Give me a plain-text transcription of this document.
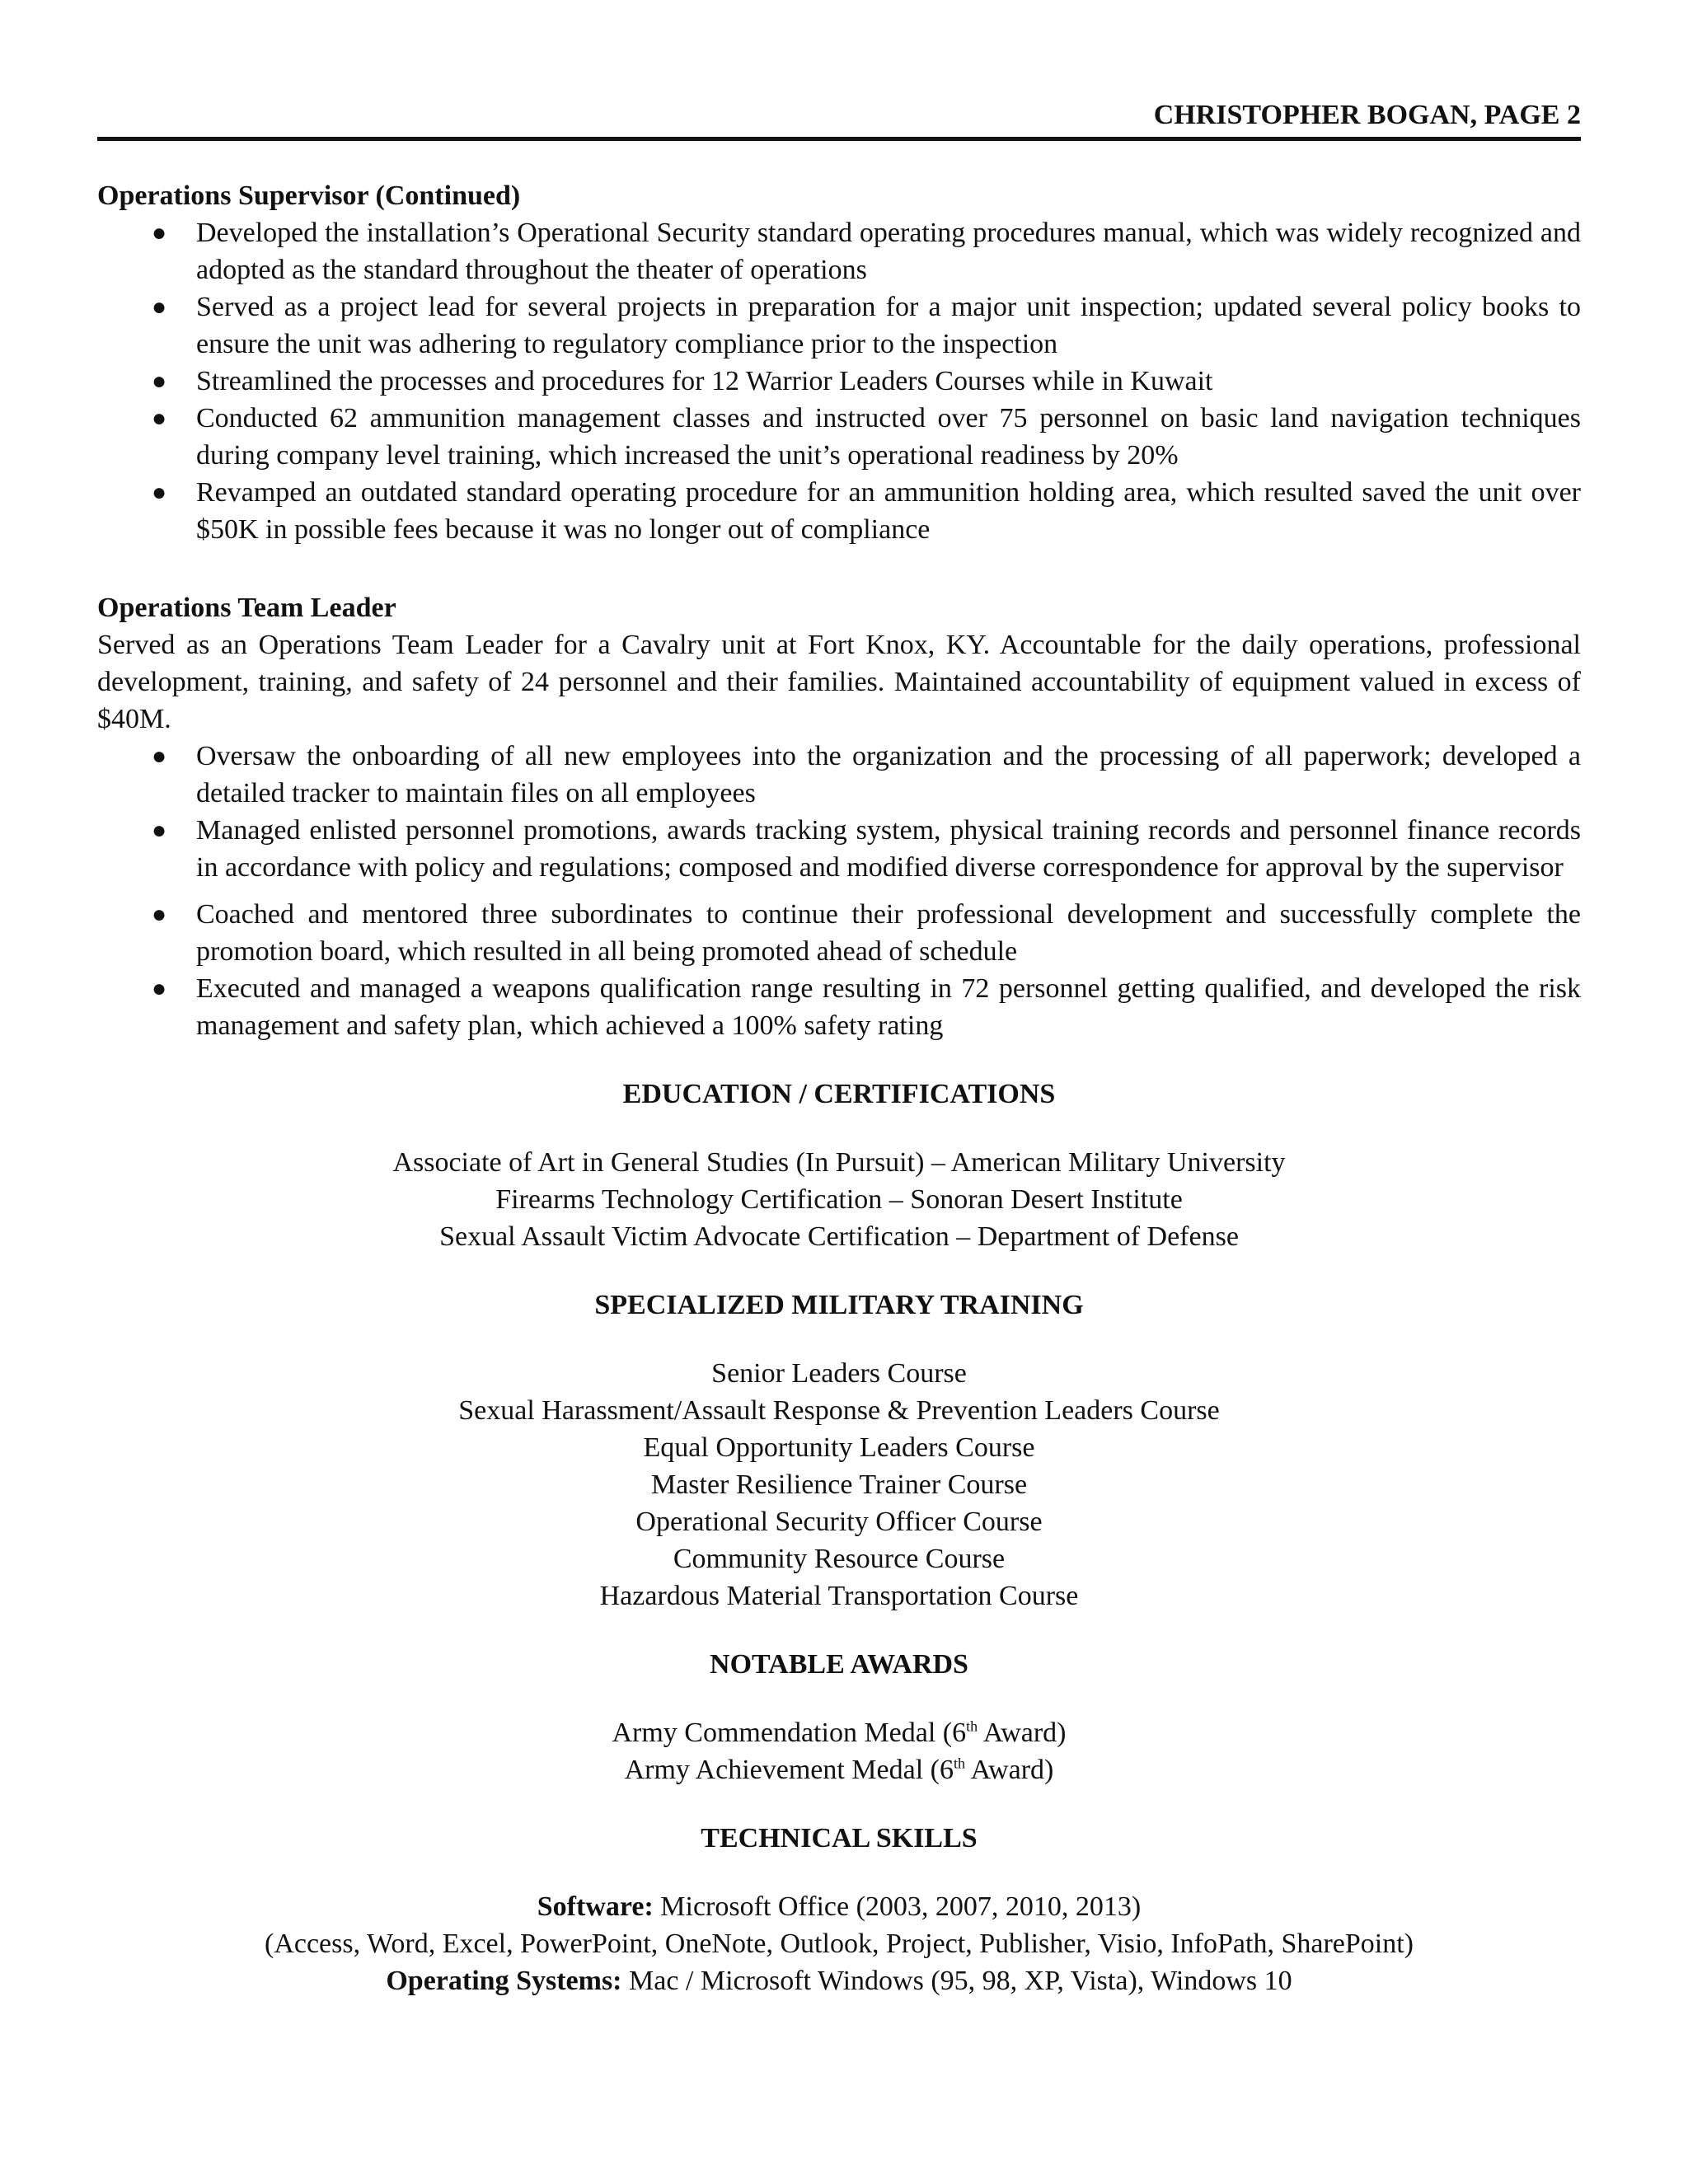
CHRISTOPHER BOGAN, PAGE 2

Operations Supervisor (Continued)

● Developed the installation’s Operational Security standard operating procedures manual, which was widely recognized and adopted as the standard throughout the theater of operations
● Served as a project lead for several projects in preparation for a major unit inspection; updated several policy books to ensure the unit was adhering to regulatory compliance prior to the inspection
● Streamlined the processes and procedures for 12 Warrior Leaders Courses while in Kuwait
● Conducted 62 ammunition management classes and instructed over 75 personnel on basic land navigation techniques during company level training, which increased the unit’s operational readiness by 20%
● Revamped an outdated standard operating procedure for an ammunition holding area, which resulted saved the unit over $50K in possible fees because it was no longer out of compliance

Operations Team Leader

Served as an Operations Team Leader for a Cavalry unit at Fort Knox, KY. Accountable for the daily operations, professional development, training, and safety of 24 personnel and their families. Maintained accountability of equipment valued in excess of $40M.

● Oversaw the onboarding of all new employees into the organization and the processing of all paperwork; developed a detailed tracker to maintain files on all employees
● Managed enlisted personnel promotions, awards tracking system, physical training records and personnel finance records in accordance with policy and regulations; composed and modified diverse correspondence for approval by the supervisor
● Coached and mentored three subordinates to continue their professional development and successfully complete the promotion board, which resulted in all being promoted ahead of schedule
● Executed and managed a weapons qualification range resulting in 72 personnel getting qualified, and developed the risk management and safety plan, which achieved a 100% safety rating

EDUCATION / CERTIFICATIONS

Associate of Art in General Studies (In Pursuit) – American Military University
Firearms Technology Certification – Sonoran Desert Institute
Sexual Assault Victim Advocate Certification – Department of Defense

SPECIALIZED MILITARY TRAINING

Senior Leaders Course
Sexual Harassment/Assault Response & Prevention Leaders Course
Equal Opportunity Leaders Course
Master Resilience Trainer Course
Operational Security Officer Course
Community Resource Course
Hazardous Material Transportation Course

NOTABLE AWARDS

Army Commendation Medal (6th Award)
Army Achievement Medal (6th Award)

TECHNICAL SKILLS

Software: Microsoft Office (2003, 2007, 2010, 2013)
(Access, Word, Excel, PowerPoint, OneNote, Outlook, Project, Publisher, Visio, InfoPath, SharePoint)
Operating Systems: Mac / Microsoft Windows (95, 98, XP, Vista), Windows 10
